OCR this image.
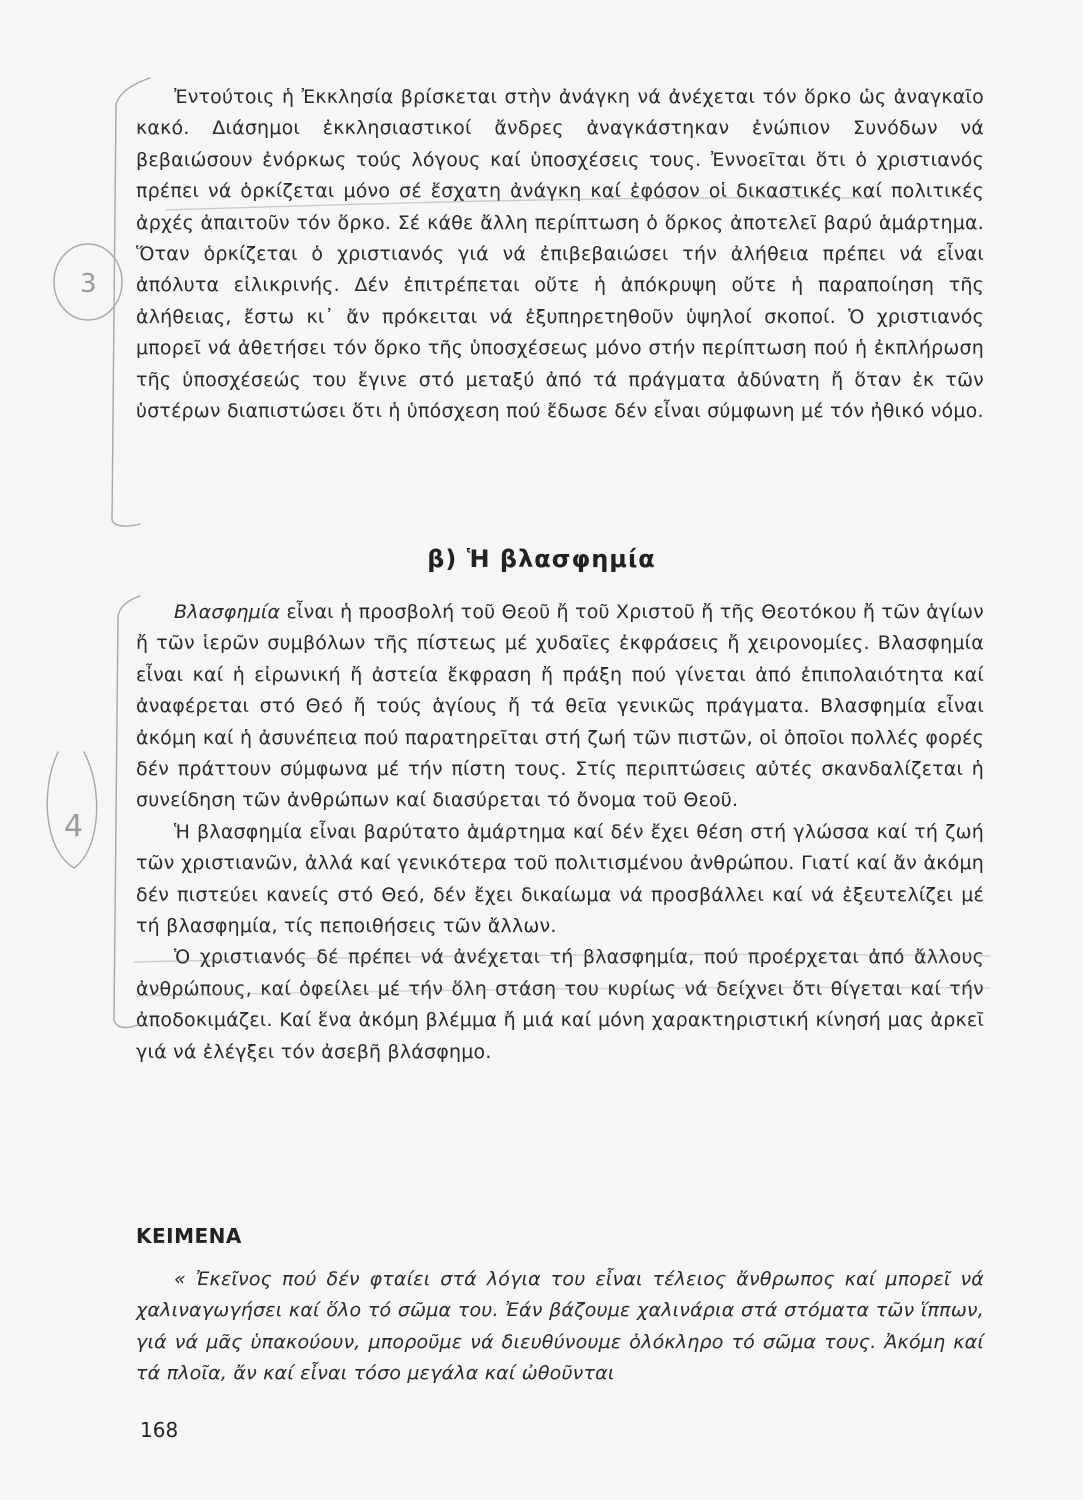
Ἐντούτοις ἡ Ἐκκλησία βρίσκεται στὴν ἀνάγκη νά ἀνέχεται τόν ὅρκο ὡς ἀναγκαῖο κακό. Διάσημοι ἐκκλησιαστικοί ἄνδρες ἀναγκάστηκαν ἐνώπιον Συνόδων νά βεβαιώσουν ἐνόρκως τούς λόγους καί ὑποσχέσεις τους. Ἐννοεῖται ὅτι ὁ χριστιανός πρέπει νά ὁρκίζεται μόνο σέ ἔσχατη ἀνάγκη καί ἐφόσον οἱ δικαστικές καί πολιτικές ἀρχές ἀπαιτοῦν τόν ὅρκο. Σέ κάθε ἄλλη περίπτωση ὁ ὅρκος ἀποτελεῖ βαρύ ἁμάρτημα. Ὅταν ὁρκίζεται ὁ χριστιανός γιά νά ἐπιβεβαιώσει τήν ἀλήθεια πρέπει νά εἶναι ἀπόλυτα εἰλικρινής. Δέν ἐπιτρέπεται οὔτε ἡ ἀπόκρυψη οὔτε ἡ παραποίηση τῆς ἀλήθειας, ἔστω κι᾽ ἄν πρόκειται νά ἐξυπηρετηθοῦν ὑψηλοί σκοποί. Ὁ χριστιανός μπορεῖ νά ἀθετήσει τόν ὅρκο τῆς ὑποσχέσεως μόνο στήν περίπτωση πού ἡ ἐκπλήρωση τῆς ὑποσχέσεώς του ἔγινε στό μεταξύ ἀπό τά πράγματα ἀδύνατη ἤ ὅταν ἐκ τῶν ὑστέρων διαπιστώσει ὅτι ἡ ὑπόσχεση πού ἔδωσε δέν εἶναι σύμφωνη μέ τόν ἠθικό νόμο.

β) Ἡ βλασφημία

Βλασφημία εἶναι ἡ προσβολή τοῦ Θεοῦ ἤ τοῦ Χριστοῦ ἤ τῆς Θεοτόκου ἤ τῶν ἁγίων ἤ τῶν ἱερῶν συμβόλων τῆς πίστεως μέ χυδαῖες ἐκφράσεις ἤ χειρονομίες. Βλασφημία εἶναι καί ἡ εἰρωνική ἤ ἀστεία ἔκφραση ἤ πράξη πού γίνεται ἀπό ἐπιπολαιότητα καί ἀναφέρεται στό Θεό ἤ τούς ἁγίους ἤ τά θεῖα γενικῶς πράγματα. Βλασφημία εἶναι ἀκόμη καί ἡ ἀσυνέπεια πού παρατηρεῖται στή ζωή τῶν πιστῶν, οἱ ὁποῖοι πολλές φορές δέν πράττουν σύμφωνα μέ τήν πίστη τους. Στίς περιπτώσεις αὐτές σκανδαλίζεται ἡ συνείδηση τῶν ἀνθρώπων καί διασύρεται τό ὄνομα τοῦ Θεοῦ.

Ἡ βλασφημία εἶναι βαρύτατο ἁμάρτημα καί δέν ἔχει θέση στή γλώσσα καί τή ζωή τῶν χριστιανῶν, ἀλλά καί γενικότερα τοῦ πολιτισμένου ἀνθρώπου. Γιατί καί ἄν ἀκόμη δέν πιστεύει κανείς στό Θεό, δέν ἔχει δικαίωμα νά προσβάλλει καί νά ἐξευτελίζει μέ τή βλασφημία, τίς πεποιθήσεις τῶν ἄλλων.

Ὁ χριστιανός δέ πρέπει νά ἀνέχεται τή βλασφημία, πού προέρχεται ἀπό ἄλλους ἀνθρώπους, καί ὀφείλει μέ τήν ὅλη στάση του κυρίως νά δείχνει ὅτι θίγεται καί τήν ἀποδοκιμάζει. Καί ἕνα ἀκόμη βλέμμα ἤ μιά καί μόνη χαρακτηριστική κίνησή μας ἀρκεῖ γιά νά ἐλέγξει τόν ἀσεβῆ βλάσφημο.

ΚΕΙΜΕΝΑ

« Ἐκεῖνος πού δέν φταίει στά λόγια του εἶναι τέλειος ἄνθρωπος καί μπορεῖ νά χαλιναγωγήσει καί ὅλο τό σῶμα του. Ἐάν βάζουμε χαλινάρια στά στόματα τῶν ἵππων, γιά νά μᾶς ὑπακούουν, μποροῦμε νά διευθύνουμε ὁλόκληρο τό σῶμα τους. Ἀκόμη καί τά πλοῖα, ἄν καί εἶναι τόσο μεγάλα καί ὠθοῦνται

168
3
4
